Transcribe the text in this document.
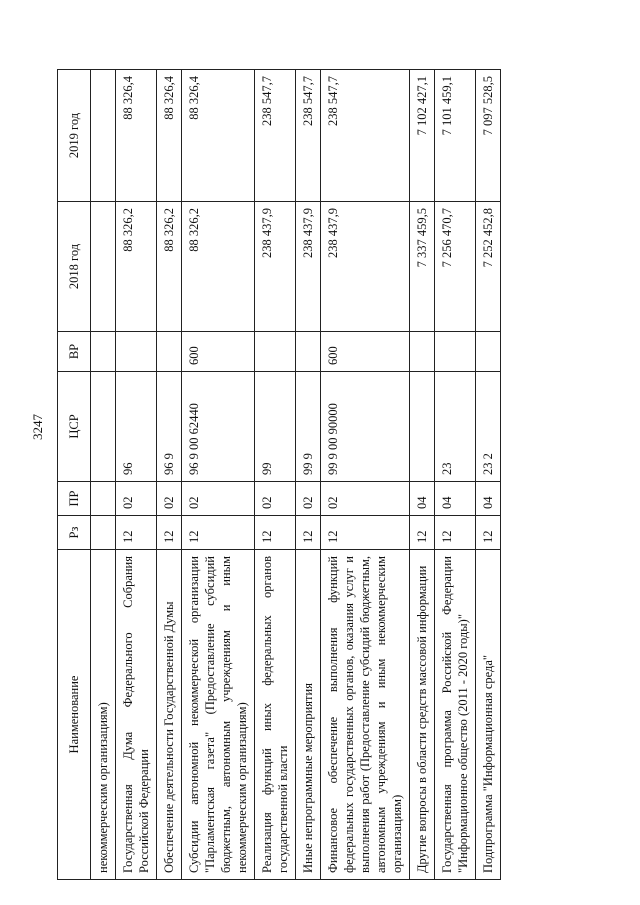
3247
Наименование	Рз	ПР	ЦСР	ВР	2018 год	2019 год
некоммерческим организациям)						
Государственная Дума Федерального Собрания Российской Федерации	12	02	96		88 326,2	88 326,4
Обеспечение деятельности Государственной Думы	12	02	96 9		88 326,2	88 326,4
Субсидии автономной некоммерческой организации "Парламентская газета" (Предоставление субсидий бюджетным, автономным учреждениям и иным некоммерческим организациям)	12	02	96 9 00 62440	600	88 326,2	88 326,4
Реализация функций иных федеральных органов государственной власти	12	02	99		238 437,9	238 547,7
Иные непрограммные мероприятия	12	02	99 9		238 437,9	238 547,7
Финансовое обеспечение выполнения функций федеральных государственных органов, оказания услуг и выполнения работ (Предоставление субсидий бюджетным, автономным учреждениям и иным некоммерческим организациям)	12	02	99 9 00 90000	600	238 437,9	238 547,7
Другие вопросы в области средств массовой информации	12	04			7 337 459,5	7 102 427,1
Государственная программа Российской Федерации "Информационное общество (2011 - 2020 годы)"	12	04	23		7 256 470,7	7 101 459,1
Подпрограмма "Информационная среда"	12	04	23 2		7 252 452,8	7 097 528,5
